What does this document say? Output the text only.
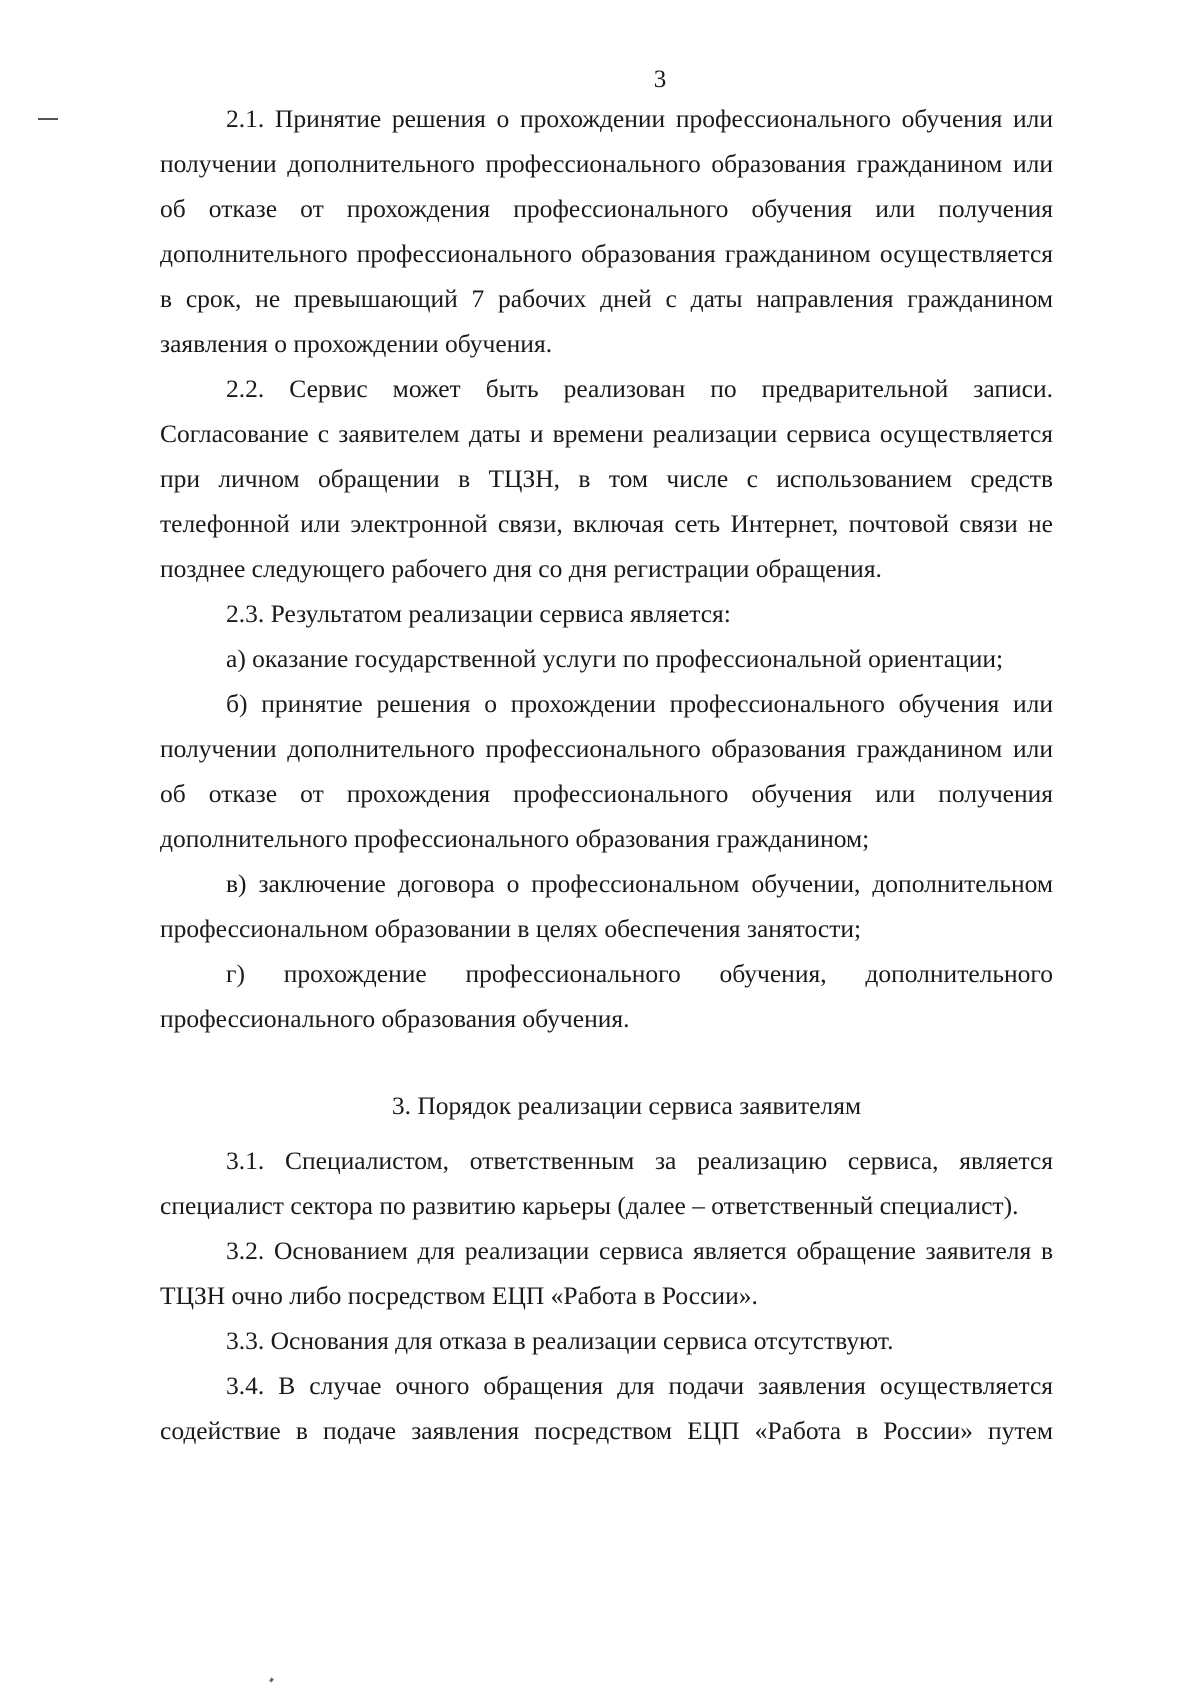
3

2.1. Принятие решения о прохождении профессионального обучения или получении дополнительного профессионального образования гражданином или об отказе от прохождения профессионального обучения или получения дополнительного профессионального образования гражданином осуществляется в срок, не превышающий 7 рабочих дней с даты направления гражданином заявления о прохождении обучения.

2.2. Сервис может быть реализован по предварительной записи. Согласование с заявителем даты и времени реализации сервиса осуществляется при личном обращении в ТЦЗН, в том числе с использованием средств телефонной или электронной связи, включая сеть Интернет, почтовой связи не позднее следующего рабочего дня со дня регистрации обращения.

2.3. Результатом реализации сервиса является:

а) оказание государственной услуги по профессиональной ориентации;

б) принятие решения о прохождении профессионального обучения или получении дополнительного профессионального образования гражданином или об отказе от прохождения профессионального обучения или получения дополнительного профессионального образования гражданином;

в) заключение договора о профессиональном обучении, дополнительном профессиональном образовании в целях обеспечения занятости;

г) прохождение профессионального обучения, дополнительного профессионального образования обучения.

3. Порядок реализации сервиса заявителям

3.1. Специалистом, ответственным за реализацию сервиса, является специалист сектора по развитию карьеры (далее – ответственный специалист).

3.2. Основанием для реализации сервиса является обращение заявителя в ТЦЗН очно либо посредством ЕЦП «Работа в России».

3.3. Основания для отказа в реализации сервиса отсутствуют.

3.4. В случае очного обращения для подачи заявления осуществляется содействие в подаче заявления посредством ЕЦП «Работа в России» путем
